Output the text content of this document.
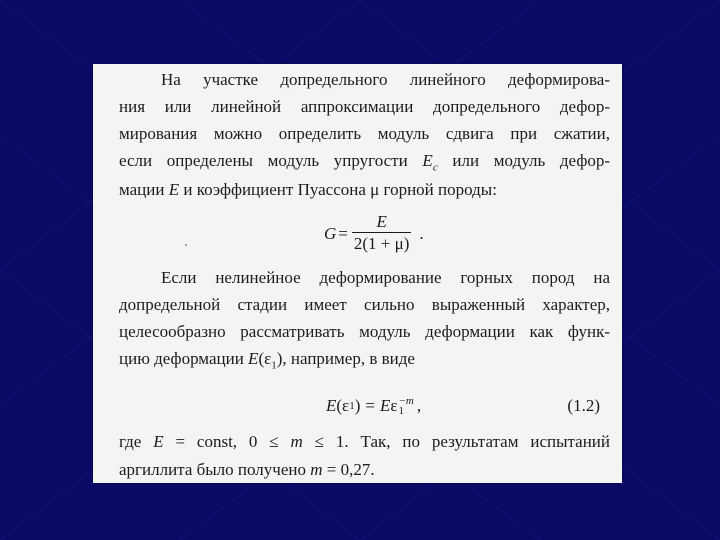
На участке допредельного линейного деформирова-
ния или линейной аппроксимации допредельного дефор-
мирования можно определить модуль сдвига при сжатии,
если определены модуль упругости $E_c$ или модуль дефор-
мации E и коэффициент Пуассона μ горной породы:
$G = \frac{E}{2(1 + \mu)}$ .
Если нелинейное деформирование горных пород на
допредельной стадии имеет сильно выраженный характер,
целесообразно рассматривать модуль деформации как функ-
цию деформации $E(\varepsilon_1)$, например, в виде
E (ε 1 ) = E ε −m
1 ,	(1.2)
где E = const, 0 ≤ m ≤ 1. Так, по результатам испытаний
аргиллита было получено m = 0,27.
